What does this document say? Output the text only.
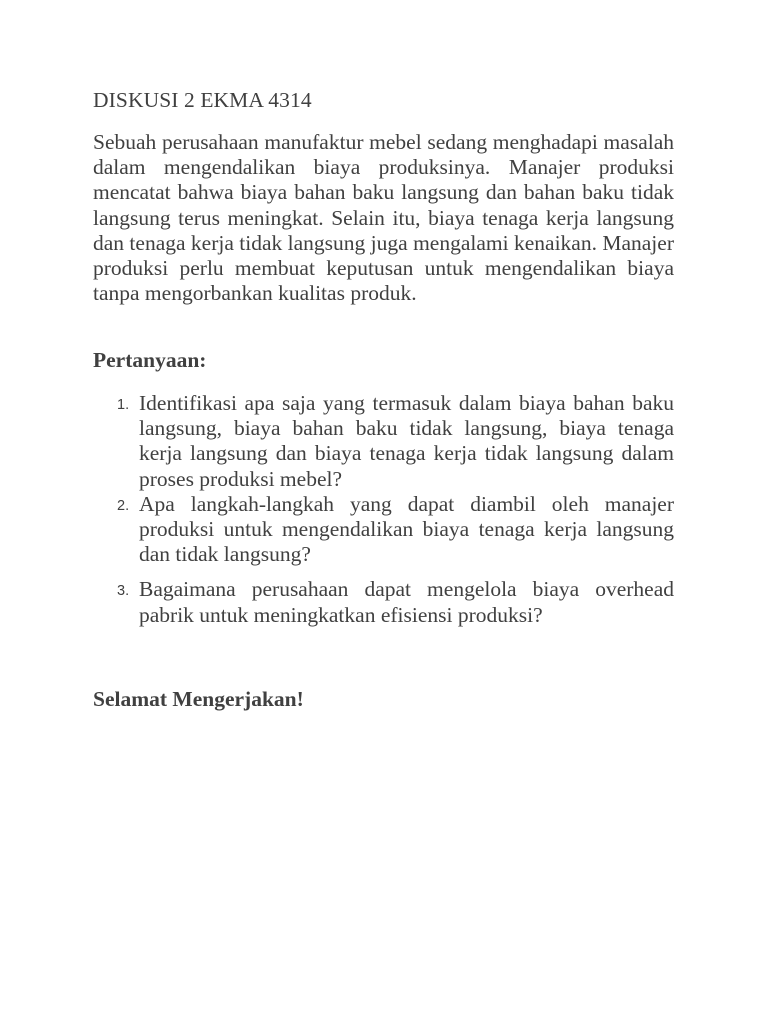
DISKUSI 2 EKMA 4314

Sebuah perusahaan manufaktur mebel sedang menghadapi masalah dalam mengendalikan biaya produksinya. Manajer produksi mencatat bahwa biaya bahan baku langsung dan bahan baku tidak langsung terus meningkat. Selain itu, biaya tenaga kerja langsung dan tenaga kerja tidak langsung juga mengalami kenaikan. Manajer produksi perlu membuat keputusan untuk mengendalikan biaya tanpa mengorbankan kualitas produk.

Pertanyaan:

1. Identifikasi apa saja yang termasuk dalam biaya bahan baku langsung, biaya bahan baku tidak langsung, biaya tenaga kerja langsung dan biaya tenaga kerja tidak langsung dalam proses produksi mebel?
2. Apa langkah-langkah yang dapat diambil oleh manajer produksi untuk mengendalikan biaya tenaga kerja langsung dan tidak langsung?
3. Bagaimana perusahaan dapat mengelola biaya overhead pabrik untuk meningkatkan efisiensi produksi?

Selamat Mengerjakan!
